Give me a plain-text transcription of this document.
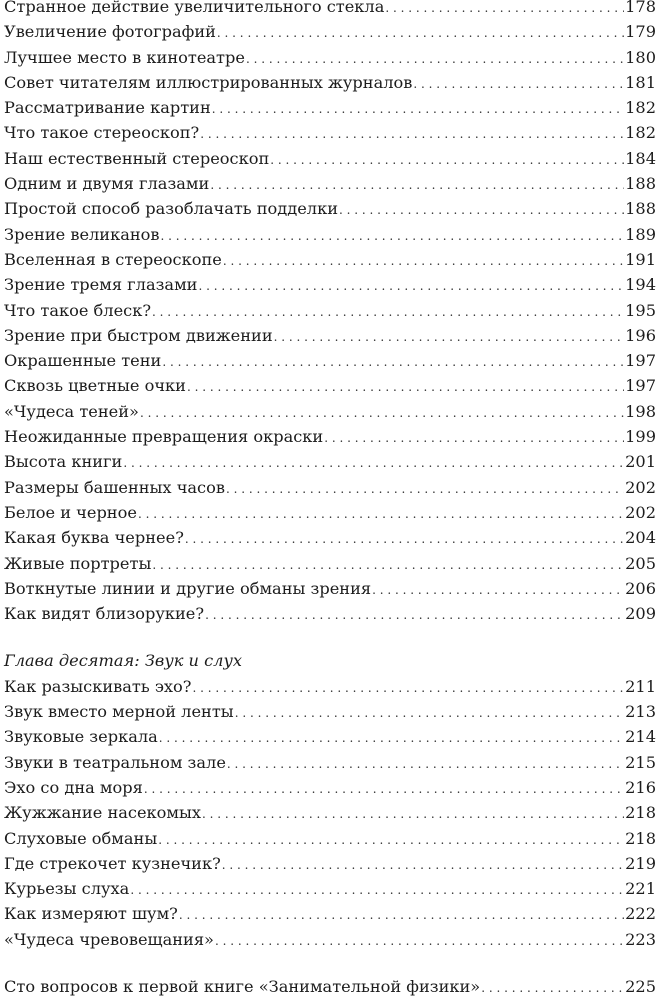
Странное действие увеличительного стекла . . .	178
Увеличение фотографий . . .	179
Лучшее место в кинотеатре . . .	180
Совет читателям иллюстрированных журналов . . .	181
Рассматривание картин . . .	182
Что такое стереоскоп? . . .	182
Наш естественный стереоскоп . . .	184
Одним и двумя глазами . . .	188
Простой способ разоблачать подделки . . .	188
Зрение великанов . . .	189
Вселенная в стереоскопе . . .	191
Зрение тремя глазами . . .	194
Что такое блеск? . . .	195
Зрение при быстром движении . . .	196
Окрашенные тени . . .	197
Сквозь цветные очки . . .	197
«Чудеса теней» . . .	198
Неожиданные превращения окраски . . .	199
Высота книги . . .	201
Размеры башенных часов . . .	202
Белое и черное . . .	202
Какая буква чернее? . . .	204
Живые портреты . . .	205
Воткнутые линии и другие обманы зрения . . .	206
Как видят близорукие? . . .	209
Глава десятая: Звук и слух
Как разыскивать эхо? . . .	211
Звук вместо мерной ленты . . .	213
Звуковые зеркала . . .	214
Звуки в театральном зале . . .	215
Эхо со дна моря . . .	216
Жужжание насекомых . . .	218
Слуховые обманы . . .	218
Где стрекочет кузнечик? . . .	219
Курьезы слуха . . .	221
Как измеряют шум? . . .	222
«Чудеса чревовещания» . . .	223
Сто вопросов к первой книге «Занимательной физики» . . .	225
